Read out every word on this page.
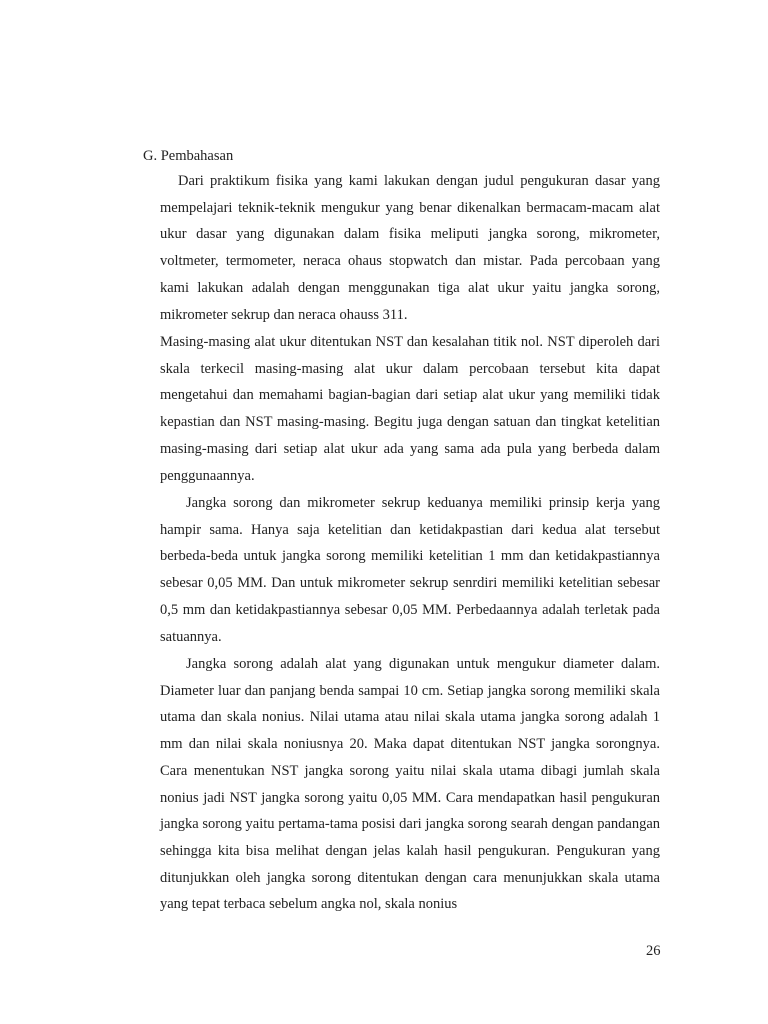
G. Pembahasan

Dari praktikum fisika yang kami lakukan dengan judul pengukuran dasar yang mempelajari teknik-teknik mengukur yang benar dikenalkan bermacam-macam alat ukur dasar yang digunakan dalam fisika meliputi jangka sorong, mikrometer, voltmeter, termometer, neraca ohaus stopwatch dan mistar. Pada percobaan yang kami lakukan adalah dengan menggunakan tiga alat ukur yaitu jangka sorong, mikrometer sekrup dan neraca ohauss 311.

Masing-masing alat ukur ditentukan NST dan kesalahan titik nol. NST diperoleh dari skala terkecil masing-masing alat ukur dalam percobaan tersebut kita dapat mengetahui dan memahami bagian-bagian dari setiap alat ukur yang memiliki tidak kepastian dan NST masing-masing. Begitu juga dengan satuan dan tingkat ketelitian masing-masing dari setiap alat ukur ada yang sama ada pula yang berbeda dalam penggunaannya.

Jangka sorong dan mikrometer sekrup keduanya memiliki prinsip kerja yang hampir sama. Hanya saja ketelitian dan ketidakpastian dari kedua alat tersebut berbeda-beda untuk jangka sorong memiliki ketelitian 1 mm dan ketidakpastiannya sebesar 0,05 MM. Dan untuk mikrometer sekrup senrdiri memiliki ketelitian sebesar 0,5 mm dan ketidakpastiannya sebesar 0,05 MM. Perbedaannya adalah terletak pada satuannya.

Jangka sorong adalah alat yang digunakan untuk mengukur diameter dalam. Diameter luar dan panjang benda sampai 10 cm. Setiap jangka sorong memiliki skala utama dan skala nonius. Nilai utama atau nilai skala utama jangka sorong adalah 1 mm dan nilai skala noniusnya 20. Maka dapat ditentukan NST jangka sorongnya. Cara menentukan NST jangka sorong yaitu nilai skala utama dibagi jumlah skala nonius jadi NST jangka sorong yaitu 0,05 MM. Cara mendapatkan hasil pengukuran jangka sorong yaitu pertama-tama posisi dari jangka sorong searah dengan pandangan sehingga kita bisa melihat dengan jelas kalah hasil pengukuran. Pengukuran yang ditunjukkan oleh jangka sorong ditentukan dengan cara menunjukkan skala utama yang tepat terbaca sebelum angka nol, skala nonius

26
